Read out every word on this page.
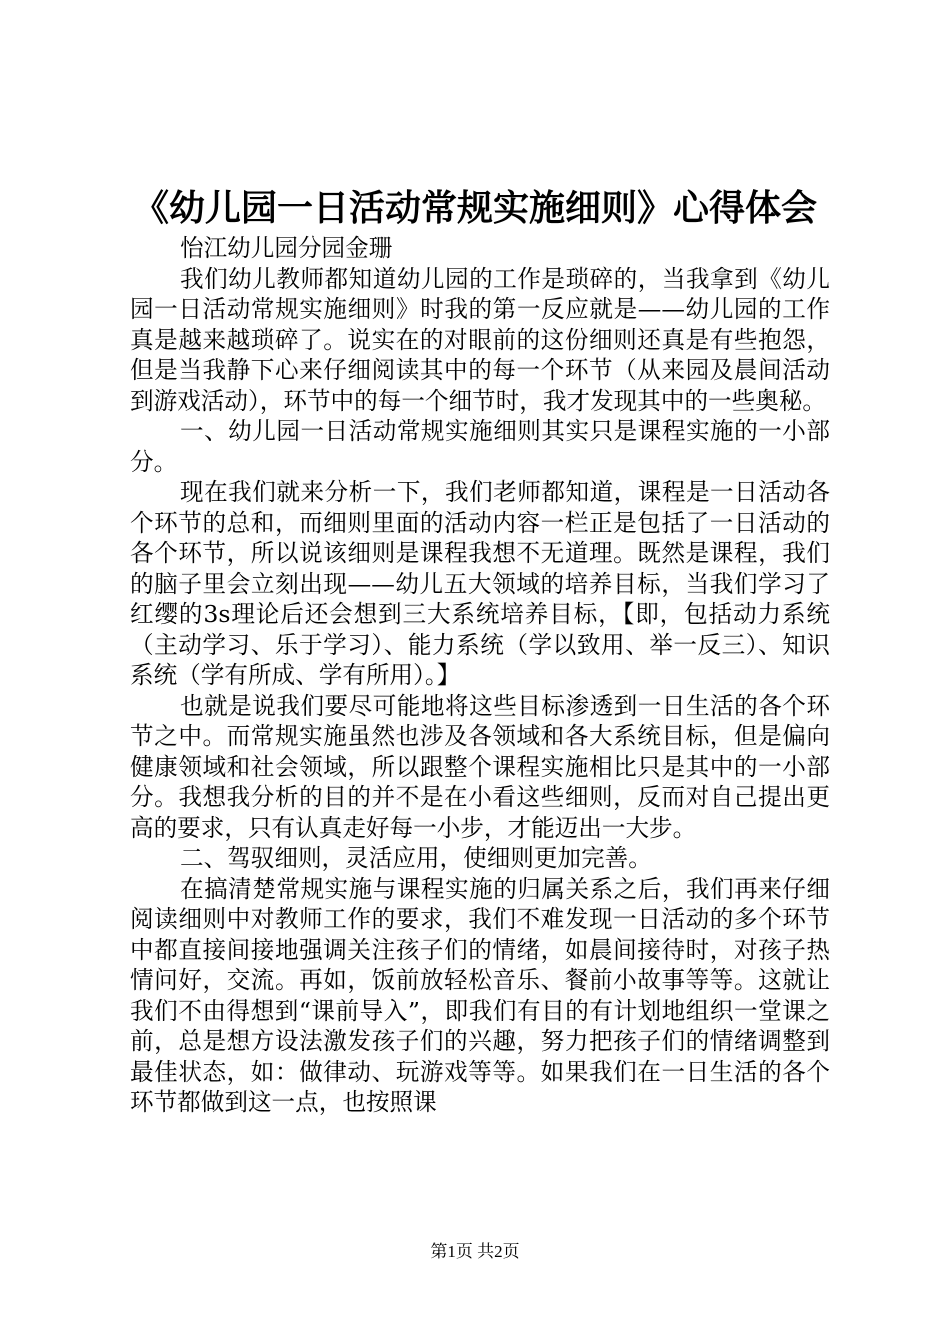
《幼儿园一日活动常规实施细则》心得体会

怡江幼儿园分园金珊

我们幼儿教师都知道幼儿园的工作是琐碎的，当我拿到《幼儿园一日活动常规实施细则》时我的第一反应就是——幼儿园的工作真是越来越琐碎了。说实在的对眼前的这份细则还真是有些抱怨，但是当我静下心来仔细阅读其中的每一个环节（从来园及晨间活动到游戏活动），环节中的每一个细节时，我才发现其中的一些奥秘。

一、幼儿园一日活动常规实施细则其实只是课程实施的一小部分。

现在我们就来分析一下，我们老师都知道，课程是一日活动各个环节的总和，而细则里面的活动内容一栏正是包括了一日活动的各个环节，所以说该细则是课程我想不无道理。既然是课程，我们的脑子里会立刻出现——幼儿五大领域的培养目标，当我们学习了红缨的3s理论后还会想到三大系统培养目标，【即，包括动力系统（主动学习、乐于学习）、能力系统（学以致用、举一反三）、知识系统（学有所成、学有所用）。】

也就是说我们要尽可能地将这些目标渗透到一日生活的各个环节之中。而常规实施虽然也涉及各领域和各大系统目标，但是偏向健康领域和社会领域，所以跟整个课程实施相比只是其中的一小部分。我想我分析的目的并不是在小看这些细则，反而对自己提出更高的要求，只有认真走好每一小步，才能迈出一大步。

二、驾驭细则，灵活应用，使细则更加完善。

在搞清楚常规实施与课程实施的归属关系之后，我们再来仔细阅读细则中对教师工作的要求，我们不难发现一日活动的多个环节中都直接间接地强调关注孩子们的情绪，如晨间接待时，对孩子热情问好，交流。再如，饭前放轻松音乐、餐前小故事等等。这就让我们不由得想到“课前导入”，即我们有目的有计划地组织一堂课之前，总是想方设法激发孩子们的兴趣，努力把孩子们的情绪调整到最佳状态，如：做律动、玩游戏等等。如果我们在一日生活的各个环节都做到这一点，也按照课

第1页 共2页
